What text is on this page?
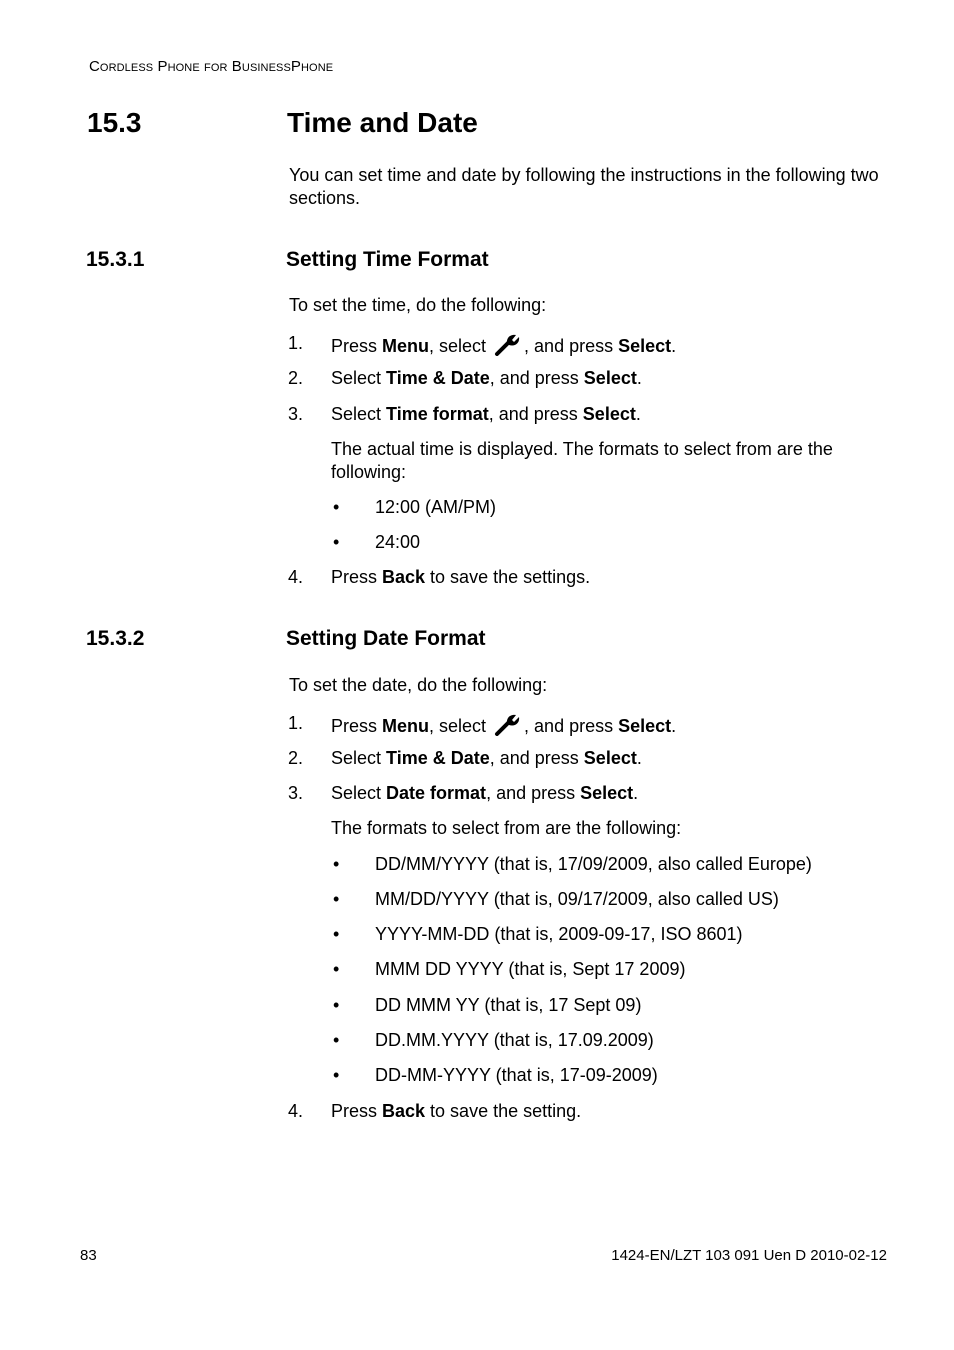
Cordless Phone for BusinessPhone
15.3	Time and Date
You can set time and date by following the instructions in the following two sections.
15.3.1	Setting Time Format
To set the time, do the following:
1. Press Menu, select , and press Select.
2. Select Time & Date, and press Select.
3. Select Time format, and press Select.
The actual time is displayed. The formats to select from are the following:
• 12:00 (AM/PM)
• 24:00
4. Press Back to save the settings.
15.3.2	Setting Date Format
To set the date, do the following:
1. Press Menu, select , and press Select.
2. Select Time & Date, and press Select.
3. Select Date format, and press Select.
The formats to select from are the following:
• DD/MM/YYYY (that is, 17/09/2009, also called Europe)
• MM/DD/YYYY (that is, 09/17/2009, also called US)
• YYYY-MM-DD (that is, 2009-09-17, ISO 8601)
• MMM DD YYYY (that is, Sept 17 2009)
• DD MMM YY (that is, 17 Sept 09)
• DD.MM.YYYY (that is, 17.09.2009)
• DD-MM-YYYY (that is, 17-09-2009)
4. Press Back to save the setting.
83	1424-EN/LZT 103 091 Uen D 2010-02-12
